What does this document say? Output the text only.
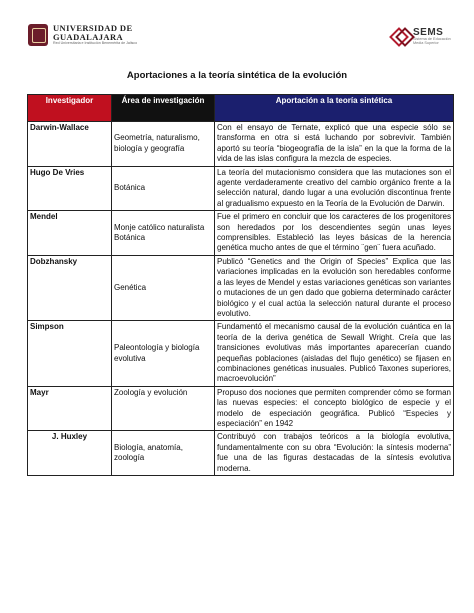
UNIVERSIDAD DE
GUADALAJARA
Red Universitaria e Institución Benemérita de Jalisco
SEMS
Sistema de Educación Media Superior
Aportaciones a la teoría sintética de la evolución
Investigador	Área de investigación	Aportación a la teoría sintética
Darwin-Wallace	Geometría, naturalismo, biología y geografía	Con el ensayo de Ternate, explicó que una especie sólo se transforma en otra si está luchando por sobrevivir. También aportó su teoría “biogeografía de la isla” en la que la forma de la vida de las islas configura la mezcla de especies.
Hugo De Vries	Botánica	La teoría del mutacionismo considera que las mutaciones son el agente verdaderamente creativo del cambio orgánico frente a la selección natural, dando lugar a una evolución discontinua frente al gradualismo expuesto en la Teoría de la Evolución de Darwin.
Mendel	Monje católico naturalista Botánica	Fue el primero en concluir que los caracteres de los progenitores son heredados por los descendientes según unas leyes comprensibles. Estableció las leyes básicas de la herencia genética mucho antes de que el término ¨gen¨ fuera acuñado.
Dobzhansky	Genética	Publicó “Genetics and the Origin of Species” Explica que las variaciones implicadas en la evolución son heredables conforme a las leyes de Mendel y estas variaciones genéticas son variantes o mutaciones de un gen dado que gobierna determinado carácter biológico y el cual actúa la selección natural durante el proceso evolutivo.
Simpson	Paleontología y biología evolutiva	Fundamentó el mecanismo causal de la evolución cuántica en la teoría de la deriva genética de Sewall Wright. Creía que las transiciones evolutivas más importantes aparecerían cuando pequeñas poblaciones (aisladas del flujo genético) se fijasen en combinaciones genéticas inusuales. Publicó Taxones superiores, macroevolución”
Mayr	Zoología y evolución	Propuso dos nociones que permiten comprender cómo se forman las nuevas especies: el concepto biológico de especie y el modelo de especiación geográfica. Publicó “Especies y especiación” en 1942
J. Huxley	Biología, anatomía, zoología	Contribuyó con trabajos teóricos a la biología evolutiva, fundamentalmente con su obra “Evolución: la síntesis moderna” fue una de las figuras destacadas de la síntesis evolutiva moderna.
